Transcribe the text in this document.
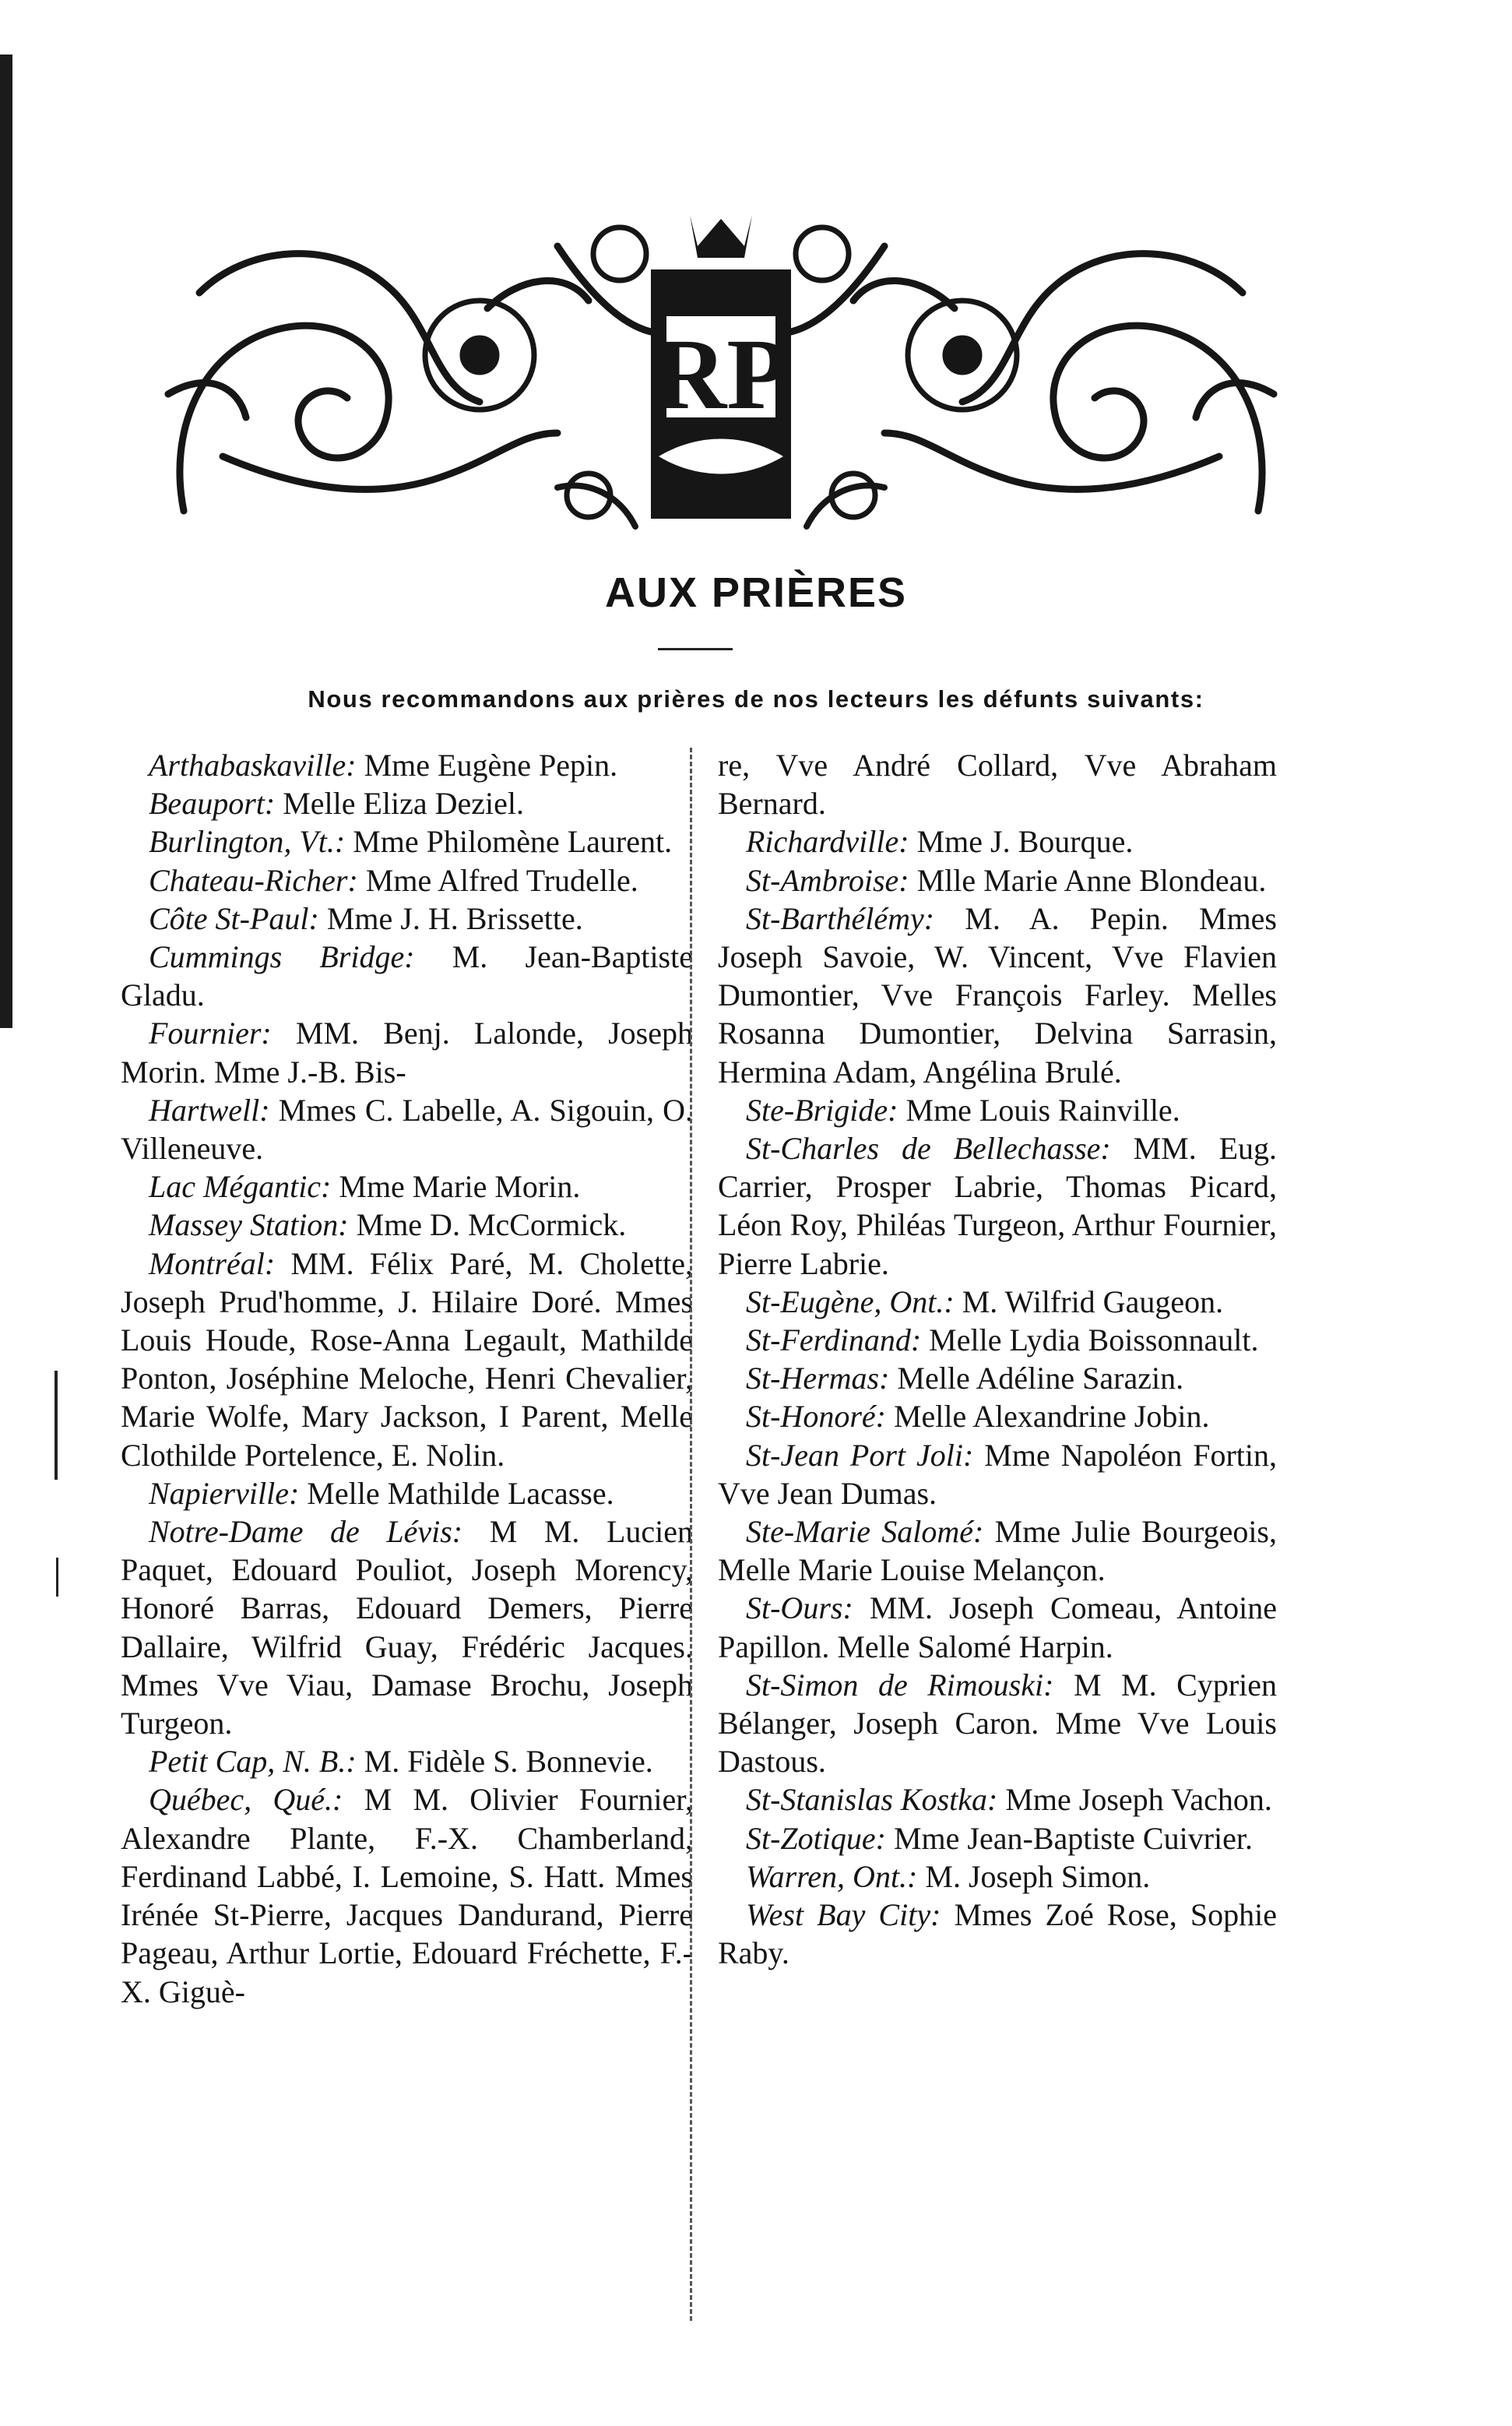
RP
AUX PRIÈRES
Nous recommandons aux prières de nos lecteurs les défunts suivants:

Arthabaskaville: Mme Eugène Pepin.

Beauport: Melle Eliza Deziel.

Burlington, Vt.: Mme Philomène Laurent.

Chateau-Richer: Mme Alfred Trudelle.

Côte St-Paul: Mme J. H. Brissette.

Cummings Bridge: M. Jean-Baptiste Gladu.

Fournier: MM. Benj. Lalonde, Joseph Morin. Mme J.-B. Bis-

Hartwell: Mmes C. Labelle, A. Sigouin, O. Villeneuve.

Lac Mégantic: Mme Marie Morin.

Massey Station: Mme D. McCormick.

Montréal: MM. Félix Paré, M. Cholette, Joseph Prud'homme, J. Hilaire Doré. Mmes Louis Houde, Rose-Anna Legault, Mathilde Ponton, Joséphine Meloche, Henri Chevalier, Marie Wolfe, Mary Jackson, I Parent, Melle Clothilde Portelence, E. Nolin.

Napierville: Melle Mathilde Lacasse.

Notre-Dame de Lévis: M M. Lucien Paquet, Edouard Pouliot, Joseph Morency, Honoré Barras, Edouard Demers, Pierre Dallaire, Wilfrid Guay, Frédéric Jacques. Mmes Vve Viau, Damase Brochu, Joseph Turgeon.

Petit Cap, N. B.: M. Fidèle S. Bonnevie.

Québec, Qué.: M M. Olivier Fournier, Alexandre Plante, F.-X. Chamberland, Ferdinand Labbé, I. Lemoine, S. Hatt. Mmes Irénée St-Pierre, Jacques Dandurand, Pierre Pageau, Arthur Lortie, Edouard Fréchette, F.-X. Giguè-

re, Vve André Collard, Vve Abraham Bernard.

Richardville: Mme J. Bourque.

St-Ambroise: Mlle Marie Anne Blondeau.

St-Barthélémy: M. A. Pepin. Mmes Joseph Savoie, W. Vincent, Vve Flavien Dumontier, Vve François Farley. Melles Rosanna Dumontier, Delvina Sarrasin, Hermina Adam, Angélina Brulé.

Ste-Brigide: Mme Louis Rainville.

St-Charles de Bellechasse: MM. Eug. Carrier, Prosper Labrie, Thomas Picard, Léon Roy, Philéas Turgeon, Arthur Fournier, Pierre Labrie.

St-Eugène, Ont.: M. Wilfrid Gaugeon.

St-Ferdinand: Melle Lydia Boissonnault.

St-Hermas: Melle Adéline Sarazin.

St-Honoré: Melle Alexandrine Jobin.

St-Jean Port Joli: Mme Napoléon Fortin, Vve Jean Dumas.

Ste-Marie Salomé: Mme Julie Bourgeois, Melle Marie Louise Melançon.

St-Ours: MM. Joseph Comeau, Antoine Papillon. Melle Salomé Harpin.

St-Simon de Rimouski: M M. Cyprien Bélanger, Joseph Caron. Mme Vve Louis Dastous.

St-Stanislas Kostka: Mme Joseph Vachon.

St-Zotique: Mme Jean-Baptiste Cuivrier.

Warren, Ont.: M. Joseph Simon.

West Bay City: Mmes Zoé Rose, Sophie Raby.
